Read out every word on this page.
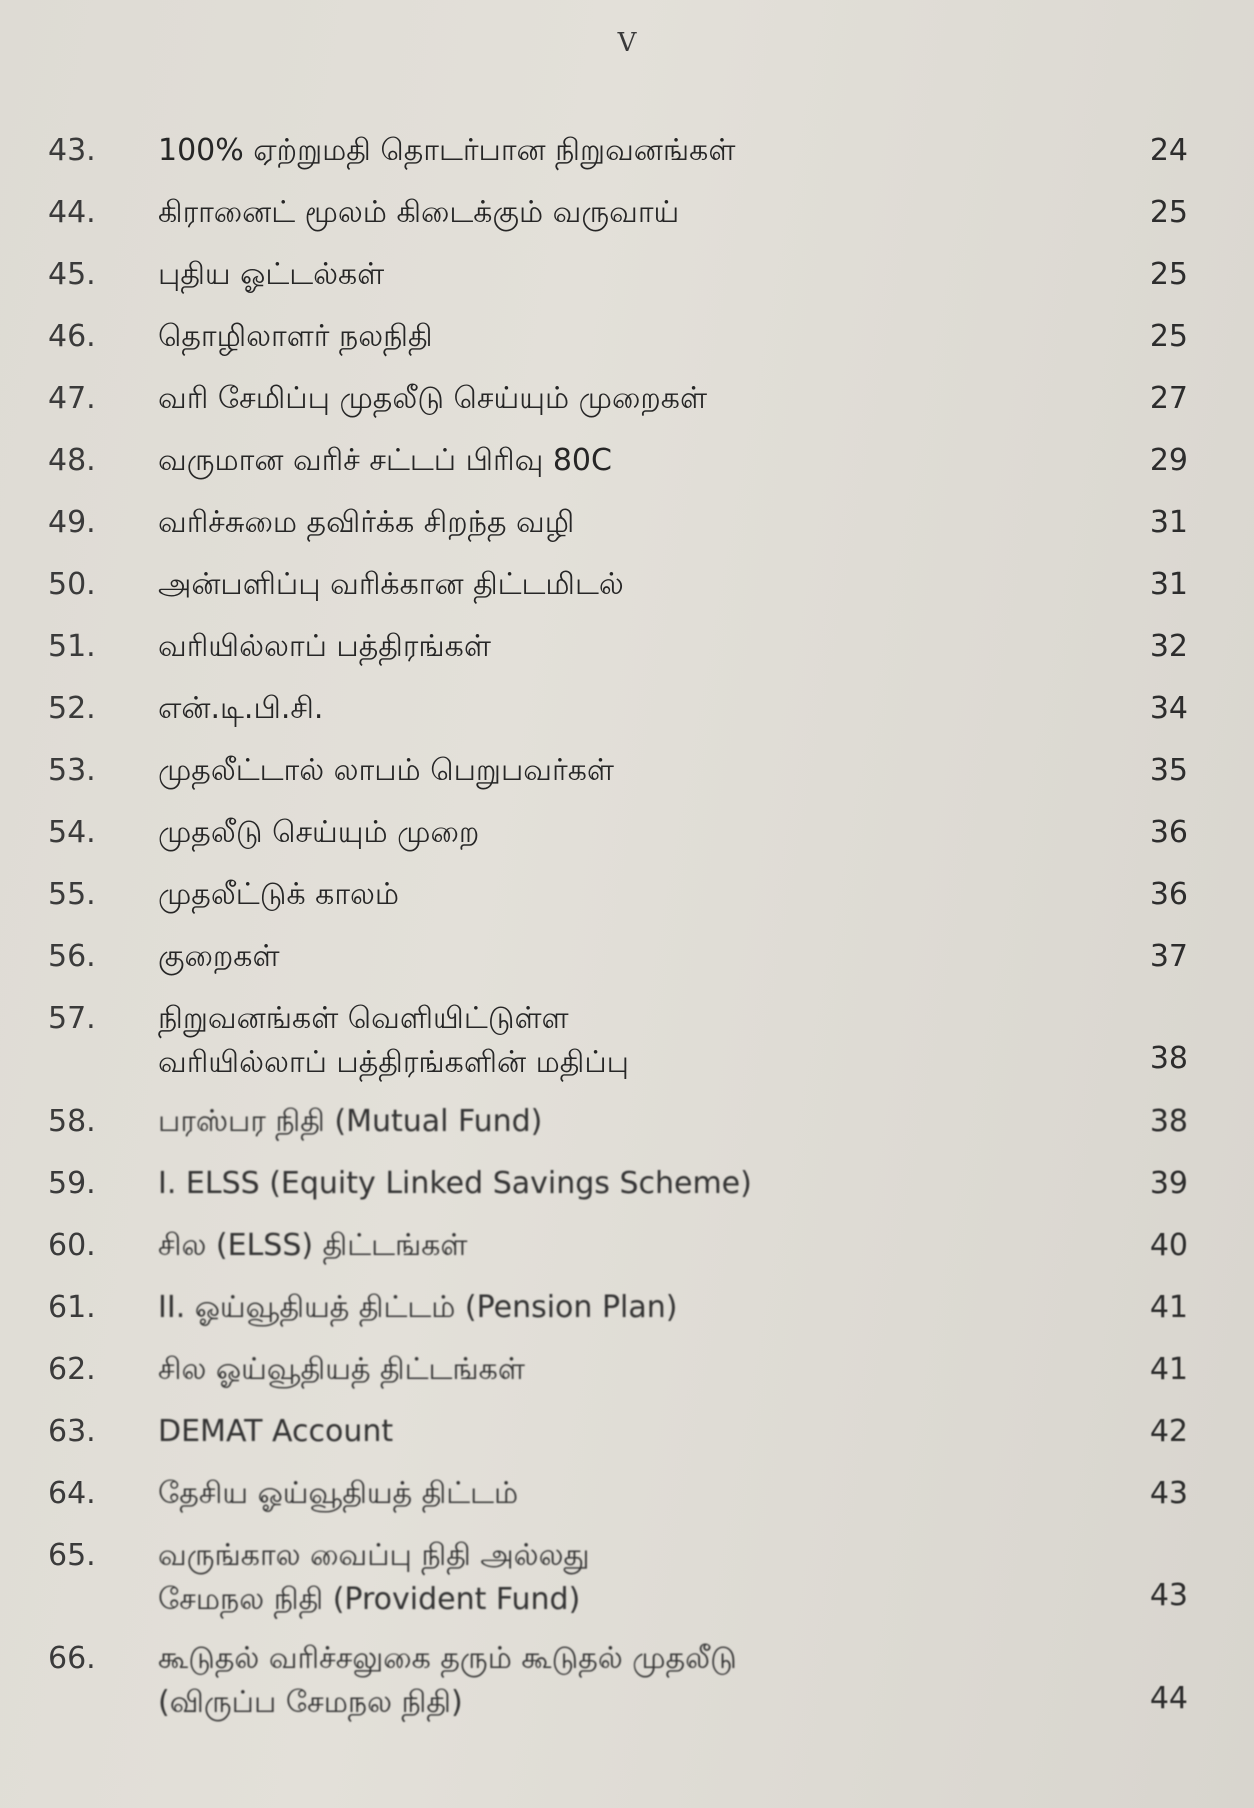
V
43.	100% ஏற்றுமதி தொடர்பான நிறுவனங்கள்	24
44.	கிரானைட் மூலம் கிடைக்கும் வருவாய்	25
45.	புதிய ஓட்டல்கள்	25
46.	தொழிலாளர் நலநிதி	25
47.	வரி சேமிப்பு முதலீடு செய்யும் முறைகள்	27
48.	வருமான வரிச் சட்டப் பிரிவு 80C	29
49.	வரிச்சுமை தவிர்க்க சிறந்த வழி	31
50.	அன்பளிப்பு வரிக்கான திட்டமிடல்	31
51.	வரியில்லாப் பத்திரங்கள்	32
52.	என்.டி.பி.சி.	34
53.	முதலீட்டால் லாபம் பெறுபவர்கள்	35
54.	முதலீடு செய்யும் முறை	36
55.	முதலீட்டுக் காலம்	36
56.	குறைகள்	37
57.	நிறுவனங்கள் வெளியிட்டுள்ள
வரியில்லாப் பத்திரங்களின் மதிப்பு	38
58.	பரஸ்பர நிதி (Mutual Fund)	38
59.	I. ELSS (Equity Linked Savings Scheme)	39
60.	சில (ELSS) திட்டங்கள்	40
61.	II. ஓய்வூதியத் திட்டம் (Pension Plan)	41
62.	சில ஓய்வூதியத் திட்டங்கள்	41
63.	DEMAT Account	42
64.	தேசிய ஓய்வூதியத் திட்டம்	43
65.	வருங்கால வைப்பு நிதி அல்லது
சேமநல நிதி (Provident Fund)	43
66.	கூடுதல் வரிச்சலுகை தரும் கூடுதல் முதலீடு
(விருப்ப சேமநல நிதி)	44
